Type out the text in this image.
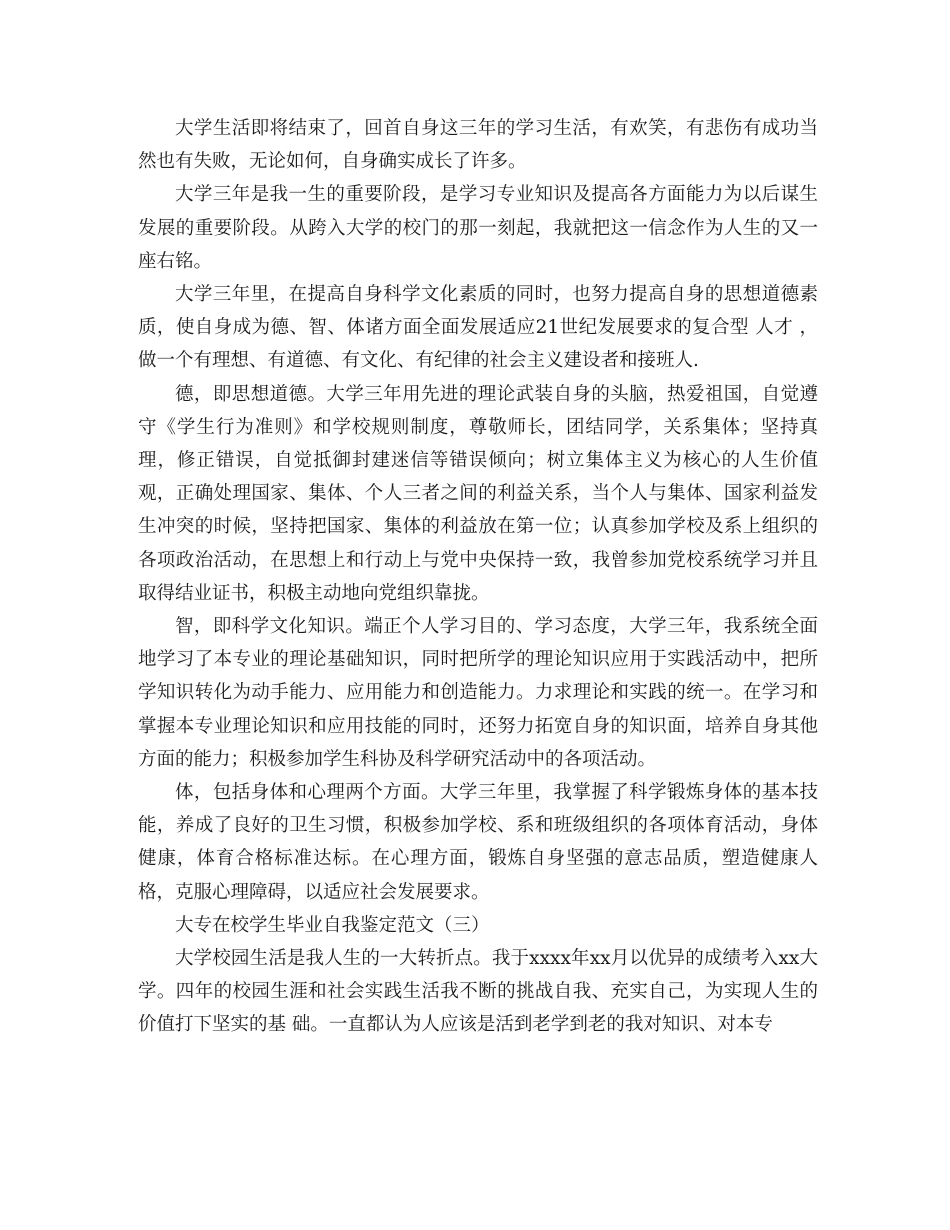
大学生活即将结束了，回首自身这三年的学习生活，有欢笑，有悲伤有成功当然也有失败，无论如何，自身确实成长了许多。

大学三年是我一生的重要阶段，是学习专业知识及提高各方面能力为以后谋生发展的重要阶段。从跨入大学的校门的那一刻起，我就把这一信念作为人生的又一座右铭。

大学三年里，在提高自身科学文化素质的同时，也努力提高自身的思想道德素质，使自身成为德、智、体诸方面全面发展适应21世纪发展要求的复合型 人才 ，做一个有理想、有道德、有文化、有纪律的社会主义建设者和接班人.

德，即思想道德。大学三年用先进的理论武装自身的头脑，热爱祖国，自觉遵守《学生行为准则》和学校规则制度，尊敬师长，团结同学，关系集体；坚持真理，修正错误，自觉抵御封建迷信等错误倾向；树立集体主义为核心的人生价值观，正确处理国家、集体、个人三者之间的利益关系，当个人与集体、国家利益发生冲突的时候，坚持把国家、集体的利益放在第一位；认真参加学校及系上组织的各项政治活动，在思想上和行动上与党中央保持一致，我曾参加党校系统学习并且取得结业证书，积极主动地向党组织靠拢。

智，即科学文化知识。端正个人学习目的、学习态度，大学三年，我系统全面地学习了本专业的理论基础知识，同时把所学的理论知识应用于实践活动中，把所学知识转化为动手能力、应用能力和创造能力。力求理论和实践的统一。在学习和掌握本专业理论知识和应用技能的同时，还努力拓宽自身的知识面，培养自身其他方面的能力；积极参加学生科协及科学研究活动中的各项活动。

体，包括身体和心理两个方面。大学三年里，我掌握了科学锻炼身体的基本技能，养成了良好的卫生习惯，积极参加学校、系和班级组织的各项体育活动，身体健康，体育合格标准达标。在心理方面，锻炼自身坚强的意志品质，塑造健康人格，克服心理障碍，以适应社会发展要求。

大专在校学生毕业自我鉴定范文（三）

大学校园生活是我人生的一大转折点。我于xxxx年xx月以优异的成绩考入xx大学。四年的校园生涯和社会实践生活我不断的挑战自我、充实自己，为实现人生的价值打下坚实的基 础。一直都认为人应该是活到老学到老的我对知识、对本专
